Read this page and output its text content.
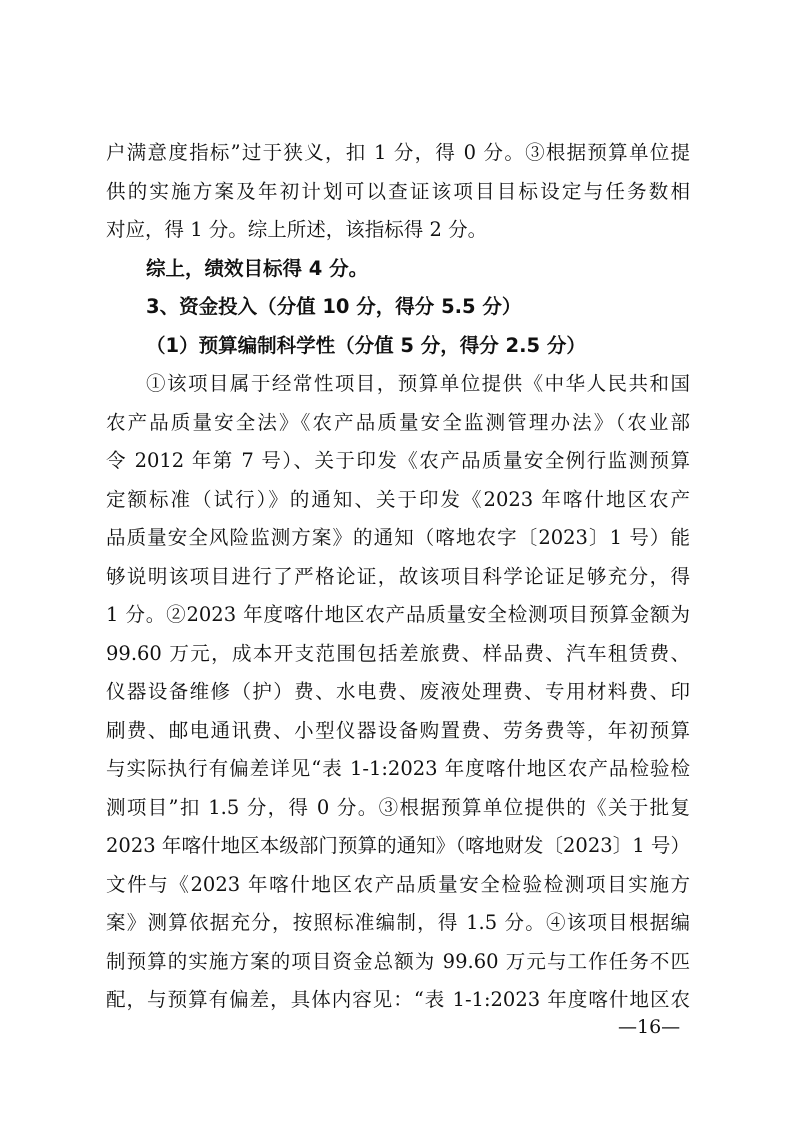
户满意度指标”过于狭义，扣 1 分，得 0 分。③根据预算单位提
供的实施方案及年初计划可以查证该项目目标设定与任务数相
对应，得 1 分。综上所述，该指标得 2 分。
综上，绩效目标得 4 分。
3、资金投入（分值 10 分，得分 5.5 分）
（1）预算编制科学性（分值 5 分，得分 2.5 分）
①该项目属于经常性项目，预算单位提供《中华人民共和国
农产品质量安全法》《农产品质量安全监测管理办法》（农业部
令 2012 年第 7 号）、关于印发《农产品质量安全例行监测预算
定额标准（试行）》的通知、关于印发《2023 年喀什地区农产
品质量安全风险监测方案》的通知（喀地农字〔2023〕1 号）能
够说明该项目进行了严格论证，故该项目科学论证足够充分，得
1 分。②2023 年度喀什地区农产品质量安全检测项目预算金额为
99.60 万元，成本开支范围包括差旅费、样品费、汽车租赁费、
仪器设备维修（护）费、水电费、废液处理费、专用材料费、印
刷费、邮电通讯费、小型仪器设备购置费、劳务费等，年初预算
与实际执行有偏差详见“表 1-1:2023 年度喀什地区农产品检验检
测项目”扣 1.5 分，得 0 分。③根据预算单位提供的《关于批复
2023 年喀什地区本级部门预算的通知》（喀地财发〔2023〕1 号）
文件与《2023 年喀什地区农产品质量安全检验检测项目实施方
案》测算依据充分，按照标准编制，得 1.5 分。④该项目根据编
制预算的实施方案的项目资金总额为 99.60 万元与工作任务不匹
配，与预算有偏差，具体内容见：“表 1-1:2023 年度喀什地区农
—16—
